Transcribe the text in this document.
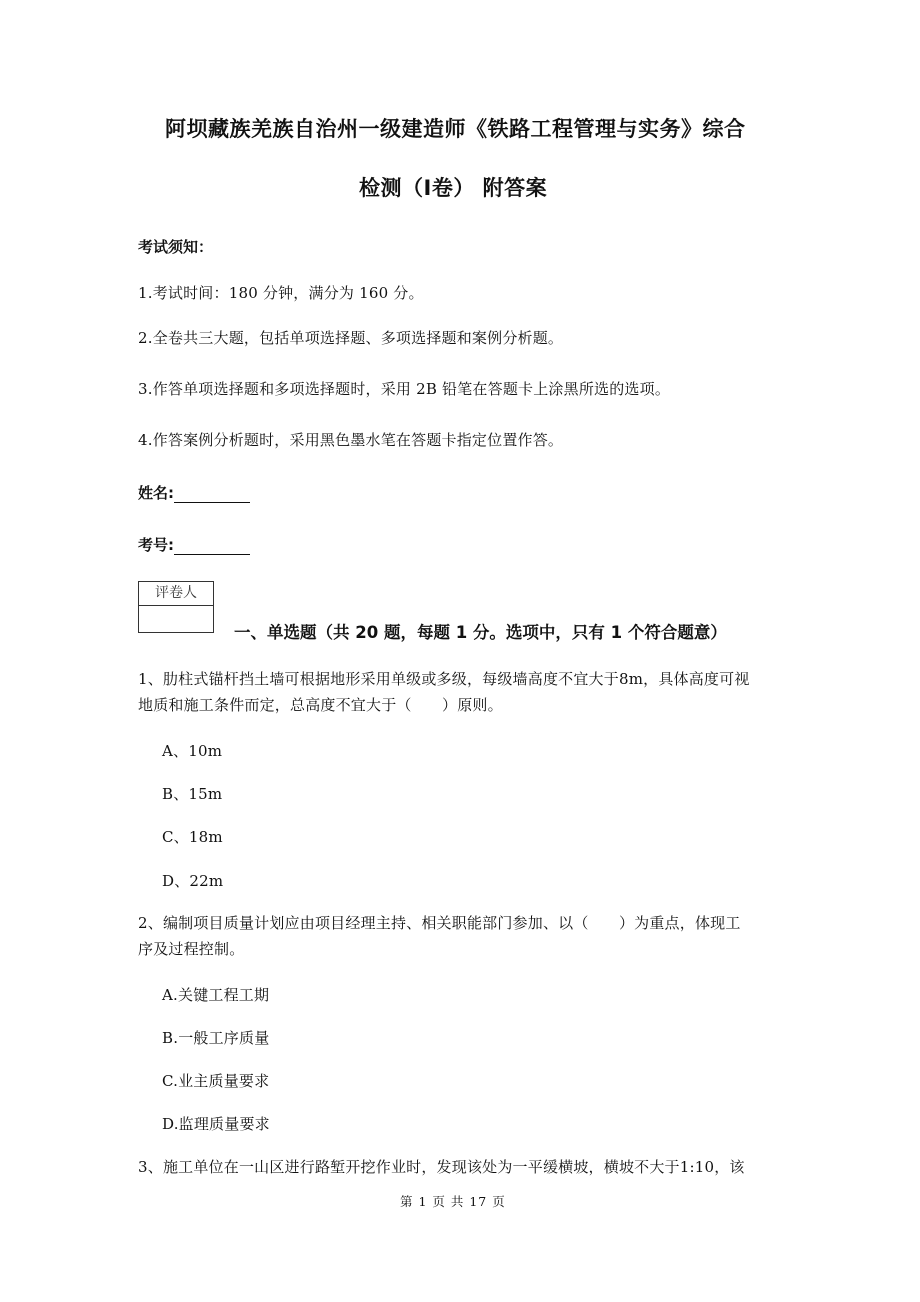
阿坝藏族羌族自治州一级建造师《铁路工程管理与实务》综合
检测（I卷） 附答案
考试须知：
1.考试时间：180 分钟，满分为 160 分。
2.全卷共三大题，包括单项选择题、多项选择题和案例分析题。
3.作答单项选择题和多项选择题时，采用 2B 铅笔在答题卡上涂黑所选的选项。
4.作答案例分析题时，采用黑色墨水笔在答题卡指定位置作答。
姓名:
考号:
评卷人
一、单选题（共 20 题，每题 1 分。选项中，只有 1 个符合题意）
1、肋柱式锚杆挡土墙可根据地形采用单级或多级，每级墙高度不宜大于8m，具体高度可视
地质和施工条件而定，总高度不宜大于（　　）原则。
A、10m
B、15m
C、18m
D、22m
2、编制项目质量计划应由项目经理主持、相关职能部门参加、以（　　）为重点，体现工
序及过程控制。
A.关键工程工期
B.一般工序质量
C.业主质量要求
D.监理质量要求
3、施工单位在一山区进行路堑开挖作业时，发现该处为一平缓横坡，横坡不大于1:10，该
第 1 页 共 17 页
